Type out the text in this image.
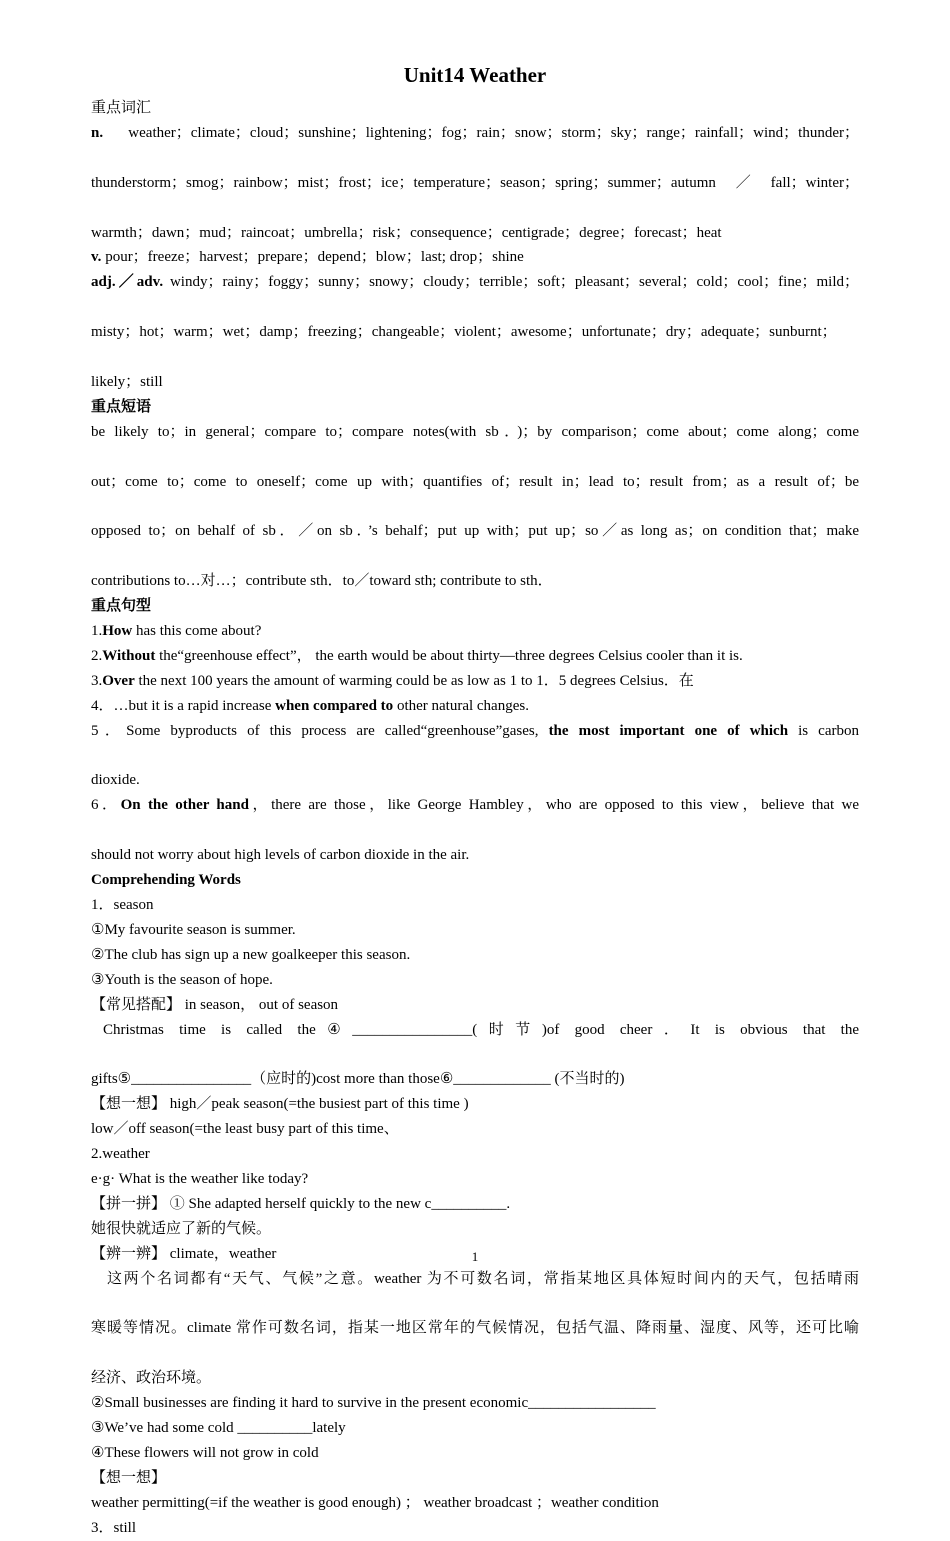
Unit14 Weather
重点词汇
n. weather；climate；cloud；sunshine；lightening；fog；rain；snow；storm；sky；range；rainfall；wind；thunder；
thunderstorm；smog；rainbow；mist；frost；ice；temperature；season；spring；summer；autumn／fall；winter；
warmth；dawn；mud；raincoat；umbrella；risk；consequence；centigrade；degree；forecast；heat
v. pour；freeze；harvest；prepare；depend；blow；last; drop；shine
adj.／adv. windy；rainy；foggy；sunny；snowy；cloudy；terrible；soft；pleasant；several；cold；cool；fine；mild；
misty；hot；warm；wet；damp；freezing；changeable；violent；awesome；unfortunate；dry；adequate；sunburnt；
likely；still
重点短语
be likely to；in general；compare to；compare notes(with sb．)；by comparison；come about；come along；come
out；come to；come to oneself；come up with；quantifies of；result in；lead to；result from；as a result of；be
opposed to；on behalf of sb．／on sb．’s behalf；put up with；put up；so／as long as；on condition that；make
contributions to…对…；contribute sth．to／toward sth; contribute to sth．
重点句型
1.How has this come about?
2.Without the“greenhouse effect”， the earth would be about thirty—three degrees Celsius cooler than it is.
3.Over the next 100 years the amount of warming could be as low as 1 to 1．5 degrees Celsius．在
4．…but it is a rapid increase when compared to other natural changes.
5．Some byproducts of this process are called“greenhouse”gases, the most important one of which is carbon
dioxide.
6．On the other hand，there are those，like George Hambley，who are opposed to this view，believe that we
should not worry about high levels of carbon dioxide in the air.
Comprehending Words
1．season
①My favourite season is summer.
②The club has sign up a new goalkeeper this season.
③Youth is the season of hope.
【常见搭配】 in season， out of season
Christmas time is called the④________________(时节)of good cheer．It is obvious that the
gifts⑤________________（应时的)cost more than those⑥_____________ (不当时的)
【想一想】 high／peak season(=the busiest part of this time )
low／off season(=the least busy part of this time、
2.weather
e·g· What is the weather like today?
【拼一拼】 ① She adapted herself quickly to the new c__________.
她很快就适应了新的气候。
【辨一辨】 climate，weather
这两个名词都有“天气、气候”之意。weather 为不可数名词，常指某地区具体短时间内的天气，包括晴雨
寒暖等情况。climate 常作可数名词，指某一地区常年的气候情况，包括气温、降雨量、湿度、风等，还可比喻
经济、政治环境。
②Small businesses are finding it hard to survive in the present economic_________________
③We’ve had some cold __________lately
④These flowers will not grow in cold
【想一想】
weather permitting(=if the weather is good enough) ； weather broadcast ；weather condition
3．still
1
